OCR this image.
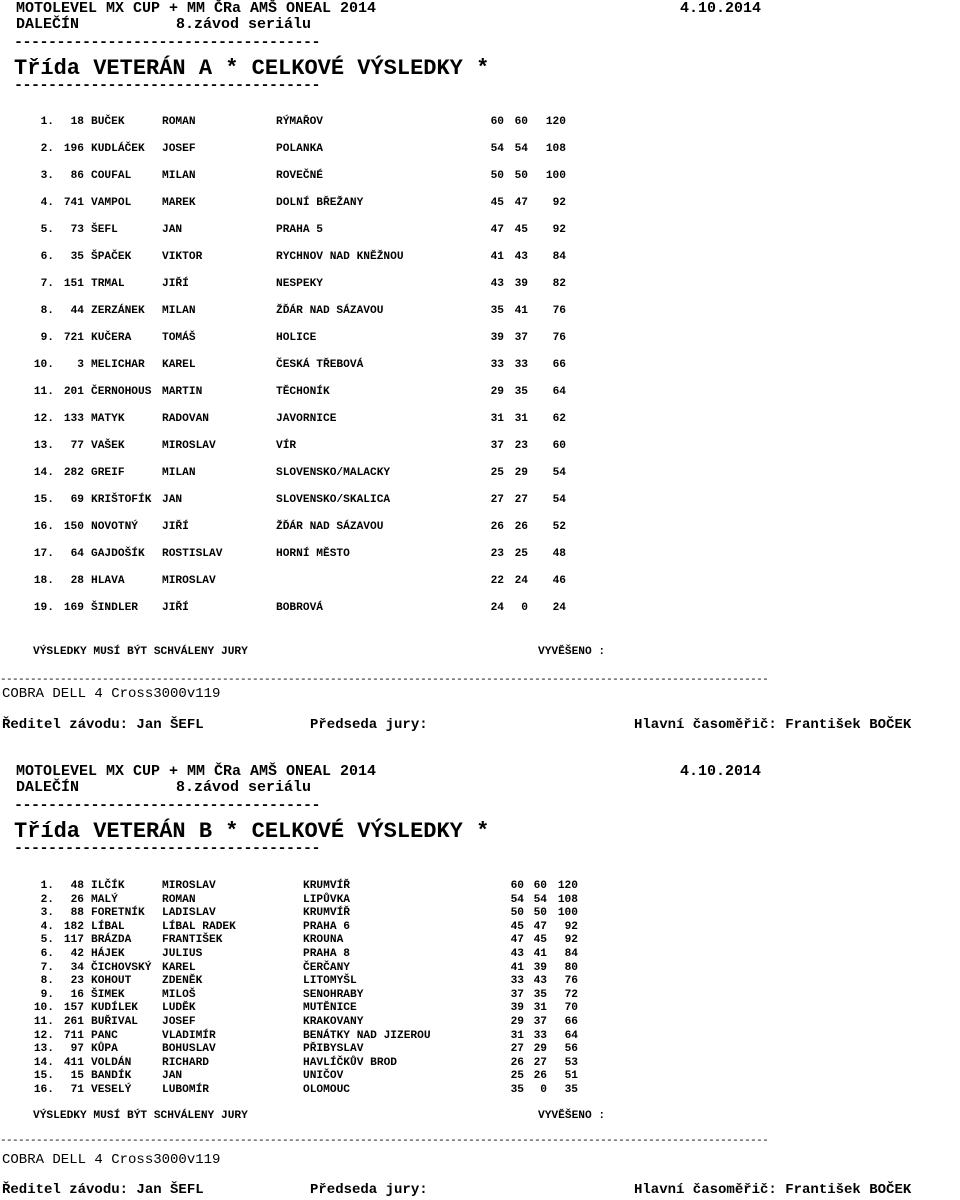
MOTOLEVEL MX CUP + MM ČRa AMŠ ONEAL 2014	4.10.2014
DALEČÍN	8.závod seriálu
------------------------------------
Třída VETERÁN A * CELKOVÉ VÝSLEDKY *
------------------------------------
1.	18 BUČEK	ROMAN	RÝMAŘOV	60 60	120
2. 196 KUDLÁČEK JOSEF	POLANKA	54 54	108
3.	86 COUFAL	MILAN	ROVEČNÉ	50 50	100
4. 741 VAMPOL	MAREK	DOLNÍ BŘEŽANY	45 47	92
5.	73 ŠEFL	JAN	PRAHA 5	47 45	92
6.	35 ŠPAČEK	VIKTOR	RYCHNOV NAD KNĚŽNOU	41 43	84
7. 151 TRMAL	JIŘÍ	NESPEKY	43 39	82
8.	44 ZERZÁNEK MILAN	ŽĎÁR NAD SÁZAVOU	35 41	76
9. 721 KUČERA	TOMÁŠ	HOLICE	39 37	76
10.	3 MELICHAR KAREL	ČESKÁ TŘEBOVÁ	33 33	66
11. 201 ČERNOHOUS MARTIN	TĚCHONÍK	29 35	64
12. 133 MATYK	RADOVAN	JAVORNICE	31 31	62
13.	77 VAŠEK	MIROSLAV	VÍR	37 23	60
14. 282 GREIF	MILAN	SLOVENSKO/MALACKY	25 29	54
15.	69 KRIŠTOFÍK JAN	SLOVENSKO/SKALICA	27 27	54
16. 150 NOVOTNÝ JIŘÍ	ŽĎÁR NAD SÁZAVOU	26 26	52
17.	64 GAJDOŠÍK ROSTISLAV	HORNÍ MĚSTO	23 25	48
18.	28 HLAVA	MIROSLAV	22 24	46
19. 169 ŠINDLER JIŘÍ	BOBROVÁ	24	0	24
VÝSLEDKY MUSÍ BÝT SCHVÁLENY JURY	VYVĚŠENO :
--------------------------------------------------------------------------------------------------------------------------------
COBRA DELL 4 Cross3000v119
Ředitel závodu: Jan ŠEFL	Předseda jury:	Hlavní časoměřič: František BOČEK
MOTOLEVEL MX CUP + MM ČRa AMŠ ONEAL 2014	4.10.2014
DALEČÍN	8.závod seriálu
------------------------------------
Třída VETERÁN B * CELKOVÉ VÝSLEDKY *
------------------------------------
1.	48 ILČÍK	MIROSLAV	KRUMVÍŘ	60 60 120
2.	26 MALÝ	ROMAN	LIPŮVKA	54 54 108
3.	88 FORETNÍK LADISLAV	KRUMVÍŘ	50 50 100
4. 182 LÍBAL	LÍBAL RADEK	PRAHA 6	45 47	92
5. 117 BRÁZDA	FRANTIŠEK	KROUNA	47 45	92
6.	42 HÁJEK	JULIUS	PRAHA 8	43 41	84
7.	34 ČICHOVSKÝ KAREL	ČERČANY	41 39	80
8.	23 KOHOUT	ZDENĚK	LITOMYŠL	33 43	76
9.	16 ŠIMEK	MILOŠ	SENOHRABY	37 35	72
10. 157 KUDÍLEK LUDĚK	MUTĚNICE	39 31	70
11. 261 BUŘIVAL JOSEF	KRAKOVANY	29 37	66
12. 711 PANC	VLADIMÍR	BENÁTKY NAD JIZEROU	31 33	64
13.	97 KŮPA	BOHUSLAV	PŘIBYSLAV	27 29	56
14. 411 VOLDÁN	RICHARD	HAVLÍČKŮV BROD	26 27	53
15.	15 BANDÍK	JAN	UNIČOV	25 26	51
16.	71 VESELÝ	LUBOMÍR	OLOMOUC	35	0	35
VÝSLEDKY MUSÍ BÝT SCHVÁLENY JURY	VYVĚŠENO :
--------------------------------------------------------------------------------------------------------------------------------
COBRA DELL 4 Cross3000v119
Ředitel závodu: Jan ŠEFL	Předseda jury:	Hlavní časoměřič: František BOČEK
